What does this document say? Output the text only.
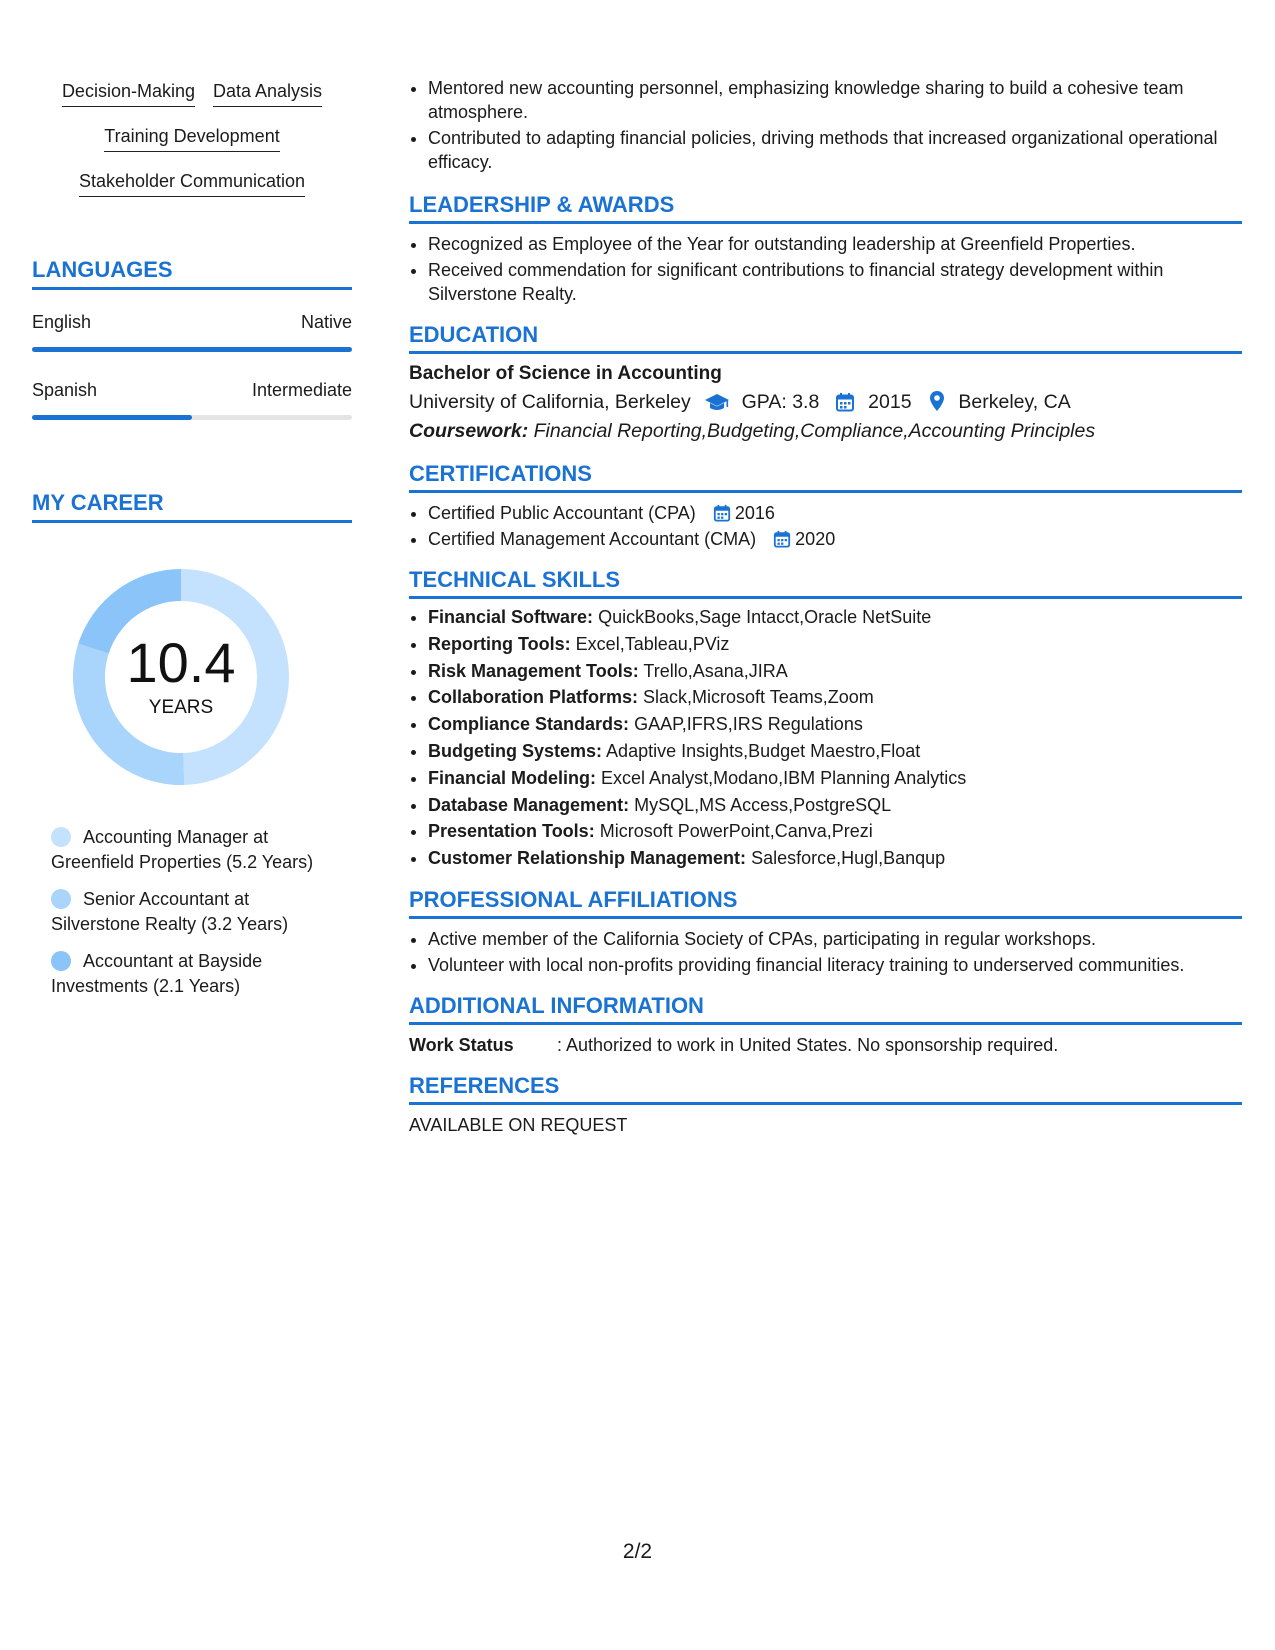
Decision-Making Data Analysis
Training Development
Stakeholder Communication
LANGUAGES
English	Native
Spanish	Intermediate
MY CAREER
10.4
YEARS
Accounting Manager at Greenfield Properties (5.2 Years)
Senior Accountant at Silverstone Realty (3.2 Years)
Accountant at Bayside Investments (2.1 Years)
• Mentored new accounting personnel, emphasizing knowledge sharing to build a cohesive team atmosphere.
• Contributed to adapting financial policies, driving methods that increased organizational operational efficacy.
LEADERSHIP & AWARDS
• Recognized as Employee of the Year for outstanding leadership at Greenfield Properties.
• Received commendation for significant contributions to financial strategy development within Silverstone Realty.
EDUCATION
Bachelor of Science in Accounting
University of California, Berkeley	GPA: 3.8	2015 Berkeley, CA
Coursework: Financial Reporting,Budgeting,Compliance,Accounting Principles
CERTIFICATIONS
• Certified Public Accountant (CPA) 2016
• Certified Management Accountant (CMA) 2020
TECHNICAL SKILLS
• Financial Software: QuickBooks,Sage Intacct,Oracle NetSuite
• Reporting Tools: Excel,Tableau,PViz
• Risk Management Tools: Trello,Asana,JIRA
• Collaboration Platforms: Slack,Microsoft Teams,Zoom
• Compliance Standards: GAAP,IFRS,IRS Regulations
• Budgeting Systems: Adaptive Insights,Budget Maestro,Float
• Financial Modeling: Excel Analyst,Modano,IBM Planning Analytics
• Database Management: MySQL,MS Access,PostgreSQL
• Presentation Tools: Microsoft PowerPoint,Canva,Prezi
• Customer Relationship Management: Salesforce,Hugl,Banqup
PROFESSIONAL AFFILIATIONS
• Active member of the California Society of CPAs, participating in regular workshops.
• Volunteer with local non-profits providing financial literacy training to underserved communities.
ADDITIONAL INFORMATION
Work Status	: Authorized to work in United States. No sponsorship required.
REFERENCES
AVAILABLE ON REQUEST
2/2
